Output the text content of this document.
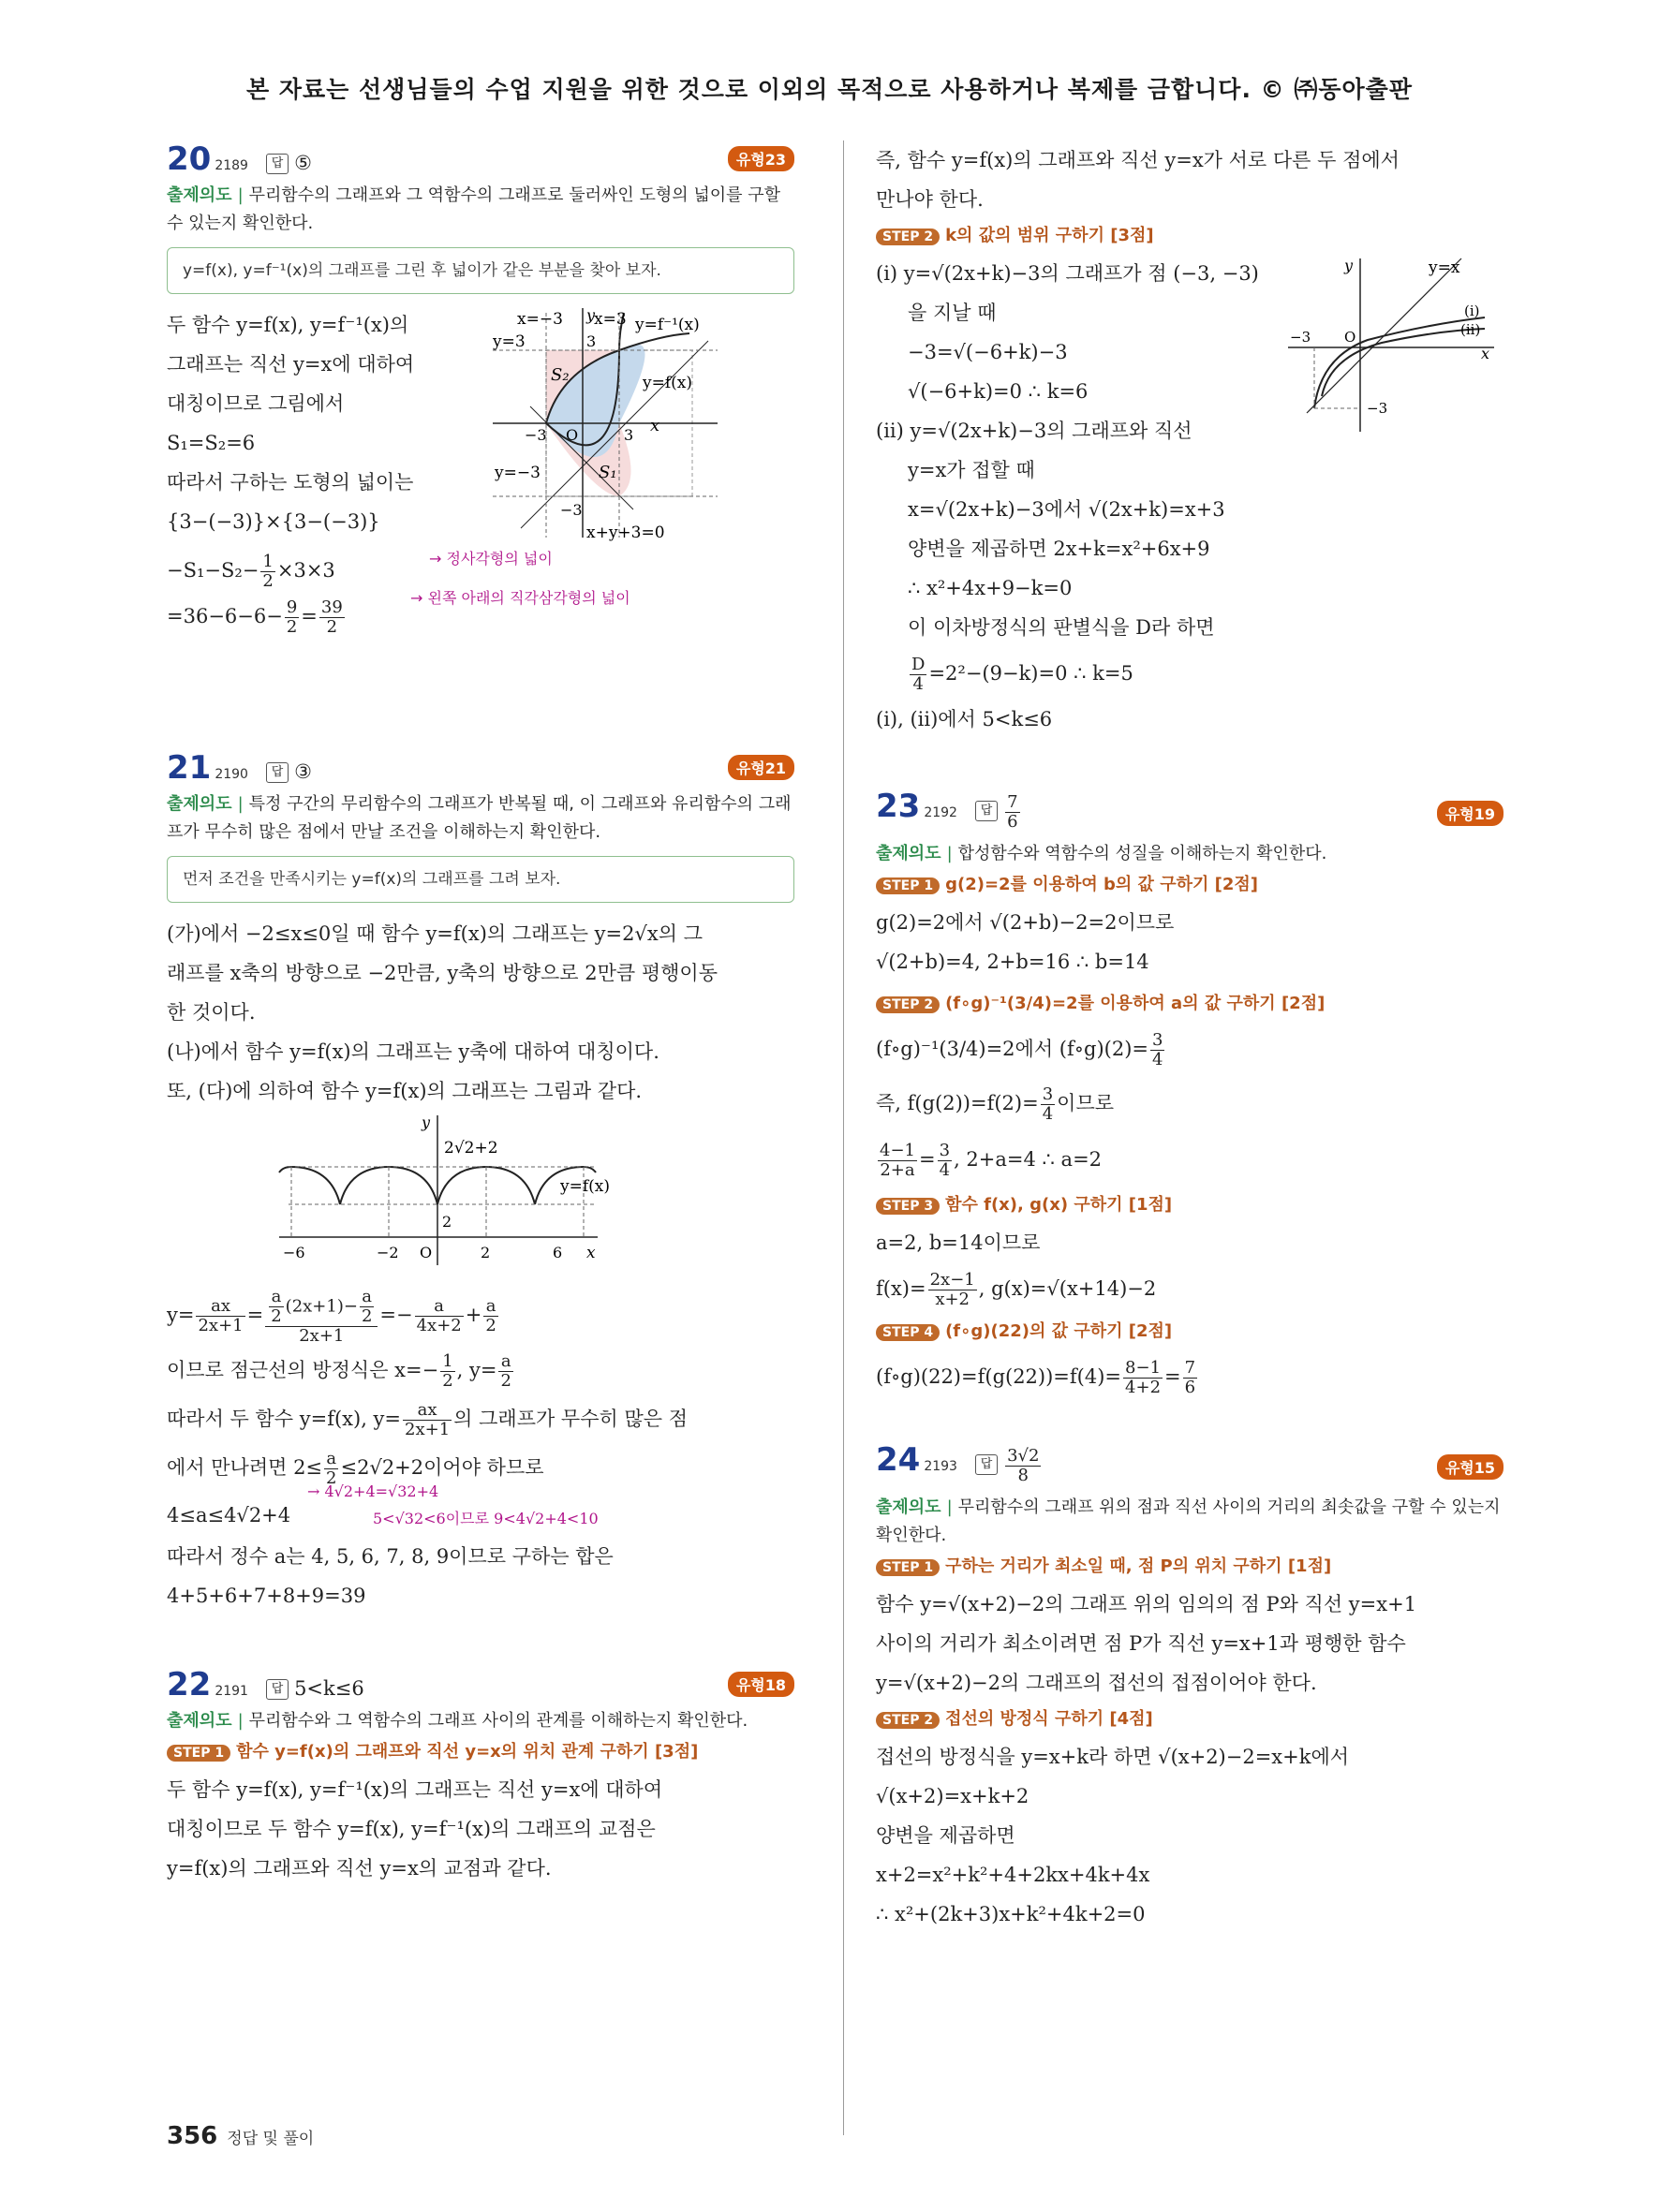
본 자료는 선생님들의 수업 지원을 위한 것으로 이외의 목적으로 사용하거나 복제를 금합니다. © ㈜동아출판
20 2189 답 ⑤	유형23
출제의도 | 무리함수의 그래프와 그 역함수의 그래프로 둘러싸인 도형의 넓이를 구할 수 있는지 확인한다.
y=f(x), y=f⁻¹(x)의 그래프를 그린 후 넓이가 같은 부분을 찾아 보자.
두 함수 y=f(x), y=f⁻¹(x)의
그래프는 직선 y=x에 대하여
대칭이므로 그림에서
S₁=S₂=6
따라서 구하는 도형의 넓이는
{3−(−3)}×{3−(−3)}
$-S_1-S_2- \frac{1}{2} \times 3\times 3$
$=36-6-6- \frac{9}{2} = \frac{39}{2}$
→ 정사각형의 넓이
→ 왼쪽 아래의 직각삼각형의 넓이
x=−3 x=3 y=f⁻¹(x)
y=3	3
y=f(x)
S₂
−3 O	3 x
y
y=−3	S₁
−3
x+y+3=0
21 2190 답 ③	유형21
출제의도 | 특정 구간의 무리함수의 그래프가 반복될 때, 이 그래프와 유리함수의 그래프가 무수히 많은 점에서 만날 조건을 이해하는지 확인한다.
먼저 조건을 만족시키는 y=f(x)의 그래프를 그려 보자.
(가)에서 −2≤x≤0일 때 함수 y=f(x)의 그래프는 y=2√x의 그
래프를 x축의 방향으로 −2만큼, y축의 방향으로 2만큼 평행이동
한 것이다.
(나)에서 함수 y=f(x)의 그래프는 y축에 대하여 대칭이다.
또, (다)에 의하여 함수 y=f(x)의 그래프는 그림과 같다.
2√2+2
y=f(x)
2
y
−6	−2 O	2	6 x
$y= \frac{ax}{2x+1} = \frac{\frac{a}{2} (2x+1)- \frac{a}{2}}{2x+1} =- \frac{a}{4x+2} + \frac{a}{2}$
이므로 점근선의 방정식은 $x=- \frac{1}{2}$ , $y= \frac{a}{2}$
따라서 두 함수 y=f(x), $y= \frac{ax}{2x+1}$ 의 그래프가 무수히 많은 점
에서 만나려면 $2\le \frac{a}{2} \le 2√2+2$이어야 하므로
4≤a≤4√2+4
→ 4√2+4=√32+4
5<√32<6이므로 9<4√2+4<10
따라서 정수 a는 4, 5, 6, 7, 8, 9이므로 구하는 합은
4+5+6+7+8+9=39
22 2191 답 5<k≤6	유형18
출제의도 | 무리함수와 그 역함수의 그래프 사이의 관계를 이해하는지 확인한다.
STEP 1 함수 y=f(x)의 그래프와 직선 y=x의 위치 관계 구하기 [3점]
두 함수 y=f(x), y=f⁻¹(x)의 그래프는 직선 y=x에 대하여
대칭이므로 두 함수 y=f(x), y=f⁻¹(x)의 그래프의 교점은
y=f(x)의 그래프와 직선 y=x의 교점과 같다.
즉, 함수 y=f(x)의 그래프와 직선 y=x가 서로 다른 두 점에서
만나야 한다.
STEP 2 k의 값의 범위 구하기 [3점]
(i) y=√(2x+k)−3의 그래프가 점 (−3, −3)
을 지날 때
−3=√(−6+k)−3
√(−6+k)=0 ∴ k=6
(ii) y=√(2x+k)−3의 그래프와 직선
y=x가 접할 때
x=√(2x+k)−3에서 √(2x+k)=x+3
양변을 제곱하면 2x+k=x²+6x+9
∴ x²+4x+9−k=0
이 이차방정식의 판별식을 D라 하면
$\frac{D}{4} =2^2-(9-k)=0$ ∴ k=5
(i), (ii)에서 5<k≤6
y	y=x
(i)
(ii)
−3 O
x
−3
23 2192 답 $\frac{7}{6}$	유형19
출제의도 | 합성함수와 역함수의 성질을 이해하는지 확인한다.
STEP 1 g(2)=2를 이용하여 b의 값 구하기 [2점]
g(2)=2에서 √(2+b)−2=2이므로
√(2+b)=4, 2+b=16 ∴ b=14
STEP 2 (f∘g)⁻¹(3/4)=2를 이용하여 a의 값 구하기 [2점]
(f∘g)⁻¹(3/4)=2에서 (f∘g)(2)= $\frac{3}{4}$
즉, $f(g(2))=f(2)= \frac{3}{4}$ 이므로
$\frac{4-1}{2+a} = \frac{3}{4}$ , 2+a=4 ∴ a=2
STEP 3 함수 f(x), g(x) 구하기 [1점]
a=2, b=14이므로
$f(x)= \frac{2x-1}{x+2}$ , g(x)=√(x+14)−2
STEP 4 (f∘g)(22)의 값 구하기 [2점]
(f∘g)(22)=f(g(22))=f(4)= $\frac{8-1}{4+2} = \frac{7}{6}$
24 2193 답 $\frac{3√2}{8}$	유형15
출제의도 | 무리함수의 그래프 위의 점과 직선 사이의 거리의 최솟값을 구할 수 있는지 확인한다.
STEP 1 구하는 거리가 최소일 때, 점 P의 위치 구하기 [1점]
함수 y=√(x+2)−2의 그래프 위의 임의의 점 P와 직선 y=x+1
사이의 거리가 최소이려면 점 P가 직선 y=x+1과 평행한 함수
y=√(x+2)−2의 그래프의 접선의 접점이어야 한다.
STEP 2 접선의 방정식 구하기 [4점]
접선의 방정식을 y=x+k라 하면 √(x+2)−2=x+k에서
√(x+2)=x+k+2
양변을 제곱하면
x+2=x²+k²+4+2kx+4k+4x
∴ x²+(2k+3)x+k²+4k+2=0
356 정답 및 풀이
